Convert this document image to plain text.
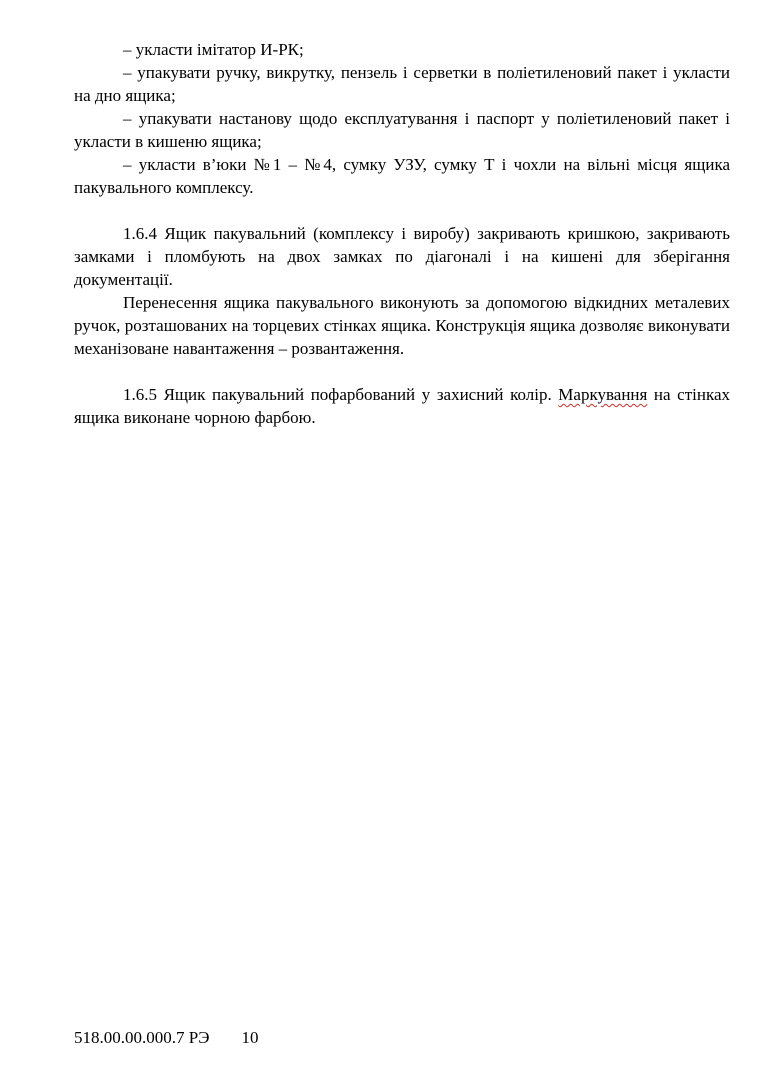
– укласти імітатор И-РК;

– упакувати ручку, викрутку, пензель і серветки в поліетиленовий пакет і укласти на дно ящика;

– упакувати настанову щодо експлуатування і паспорт у поліетиленовий пакет і укласти в кишеню ящика;

– укласти в’юки №1 – №4, сумку УЗУ, сумку Т і чохли на вільні місця ящика пакувального комплексу.

1.6.4 Ящик пакувальний (комплексу і виробу) закривають кришкою, закривають замками і пломбують на двох замках по діагоналі і на кишені для зберігання документації.

Перенесення ящика пакувального виконують за допомогою відкидних металевих ручок, розташованих на торцевих стінках ящика. Конструкція ящика дозволяє виконувати механізоване навантаження – розвантаження.

1.6.5 Ящик пакувальний пофарбований у захисний колір. Маркування на стінках ящика виконане чорною фарбою.

518.00.00.000.7 РЭ 10
